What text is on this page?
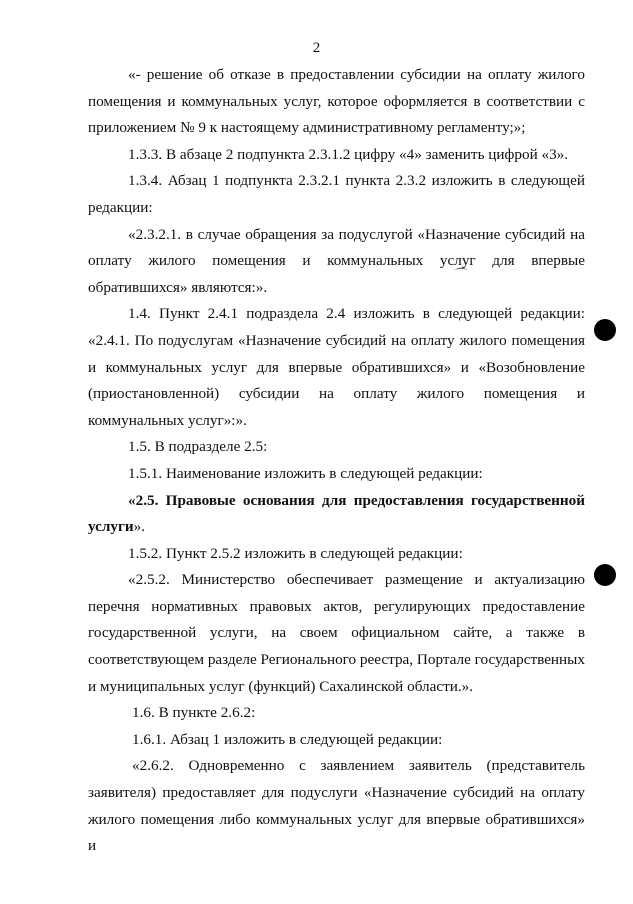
2

«- решение об отказе в предоставлении субсидии на оплату жилого помещения и коммунальных услуг, которое оформляется в соответствии с приложением № 9 к настоящему административному регламенту;»;

1.3.3. В абзаце 2 подпункта 2.3.1.2 цифру «4» заменить цифрой «3».

1.3.4. Абзац 1 подпункта 2.3.2.1 пункта 2.3.2 изложить в следующей редакции:

«2.3.2.1. в случае обращения за подуслугой «Назначение субсидий на оплату жилого помещения и коммунальных услуг для впервые обратившихся» являются:».

1.4. Пункт 2.4.1 подраздела 2.4 изложить в следующей редакции: «2.4.1. По подуслугам «Назначение субсидий на оплату жилого помещения и коммунальных услуг для впервые обратившихся» и «Возобновление (приостановленной) субсидии на оплату жилого помещения и коммунальных услуг»:».

1.5. В подразделе 2.5:

1.5.1. Наименование изложить в следующей редакции:

«2.5. Правовые основания для предоставления государственной услуги».

1.5.2. Пункт 2.5.2 изложить в следующей редакции:

«2.5.2. Министерство обеспечивает размещение и актуализацию перечня нормативных правовых актов, регулирующих предоставление государственной услуги, на своем официальном сайте, а также в соответствующем разделе Регионального реестра, Портале государственных и муниципальных услуг (функций) Сахалинской области.».

1.6. В пункте 2.6.2:

1.6.1. Абзац 1 изложить в следующей редакции:

«2.6.2. Одновременно с заявлением заявитель (представитель заявителя) предоставляет для подуслуги «Назначение субсидий на оплату жилого помещения либо коммунальных услуг для впервые обратившихся» и

⌒
